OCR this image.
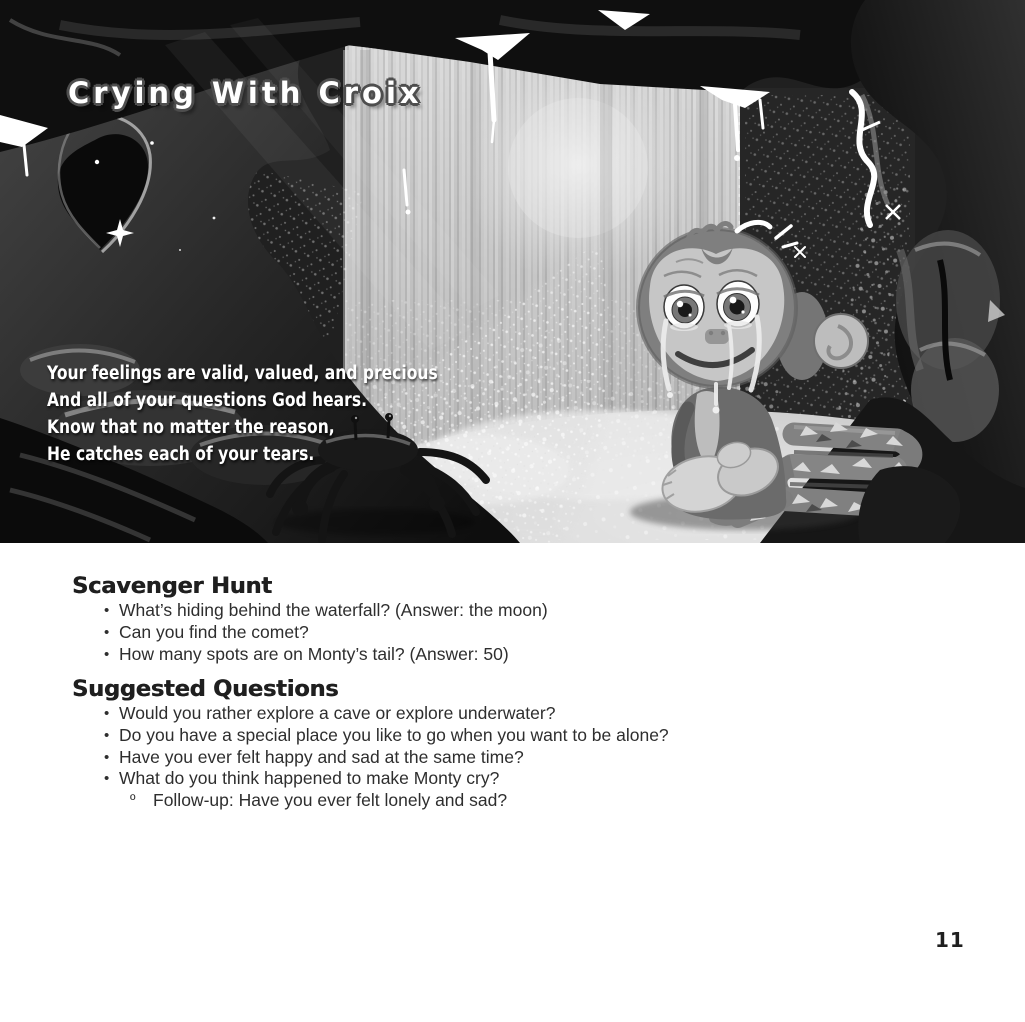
Crying With Croix
Your feelings are valid, valued, and precious
And all of your questions God hears.
Know that no matter the reason,
He catches each of your tears.
Scavenger Hunt
• What’s hiding behind the waterfall? (Answer: the moon)
• Can you find the comet?
• How many spots are on Monty’s tail? (Answer: 50)
Suggested Questions
• Would you rather explore a cave or explore underwater?
• Do you have a special place you like to go when you want to be alone?
• Have you ever felt happy and sad at the same time?
• What do you think happened to make Monty cry?
º	Follow-up: Have you ever felt lonely and sad?
11
